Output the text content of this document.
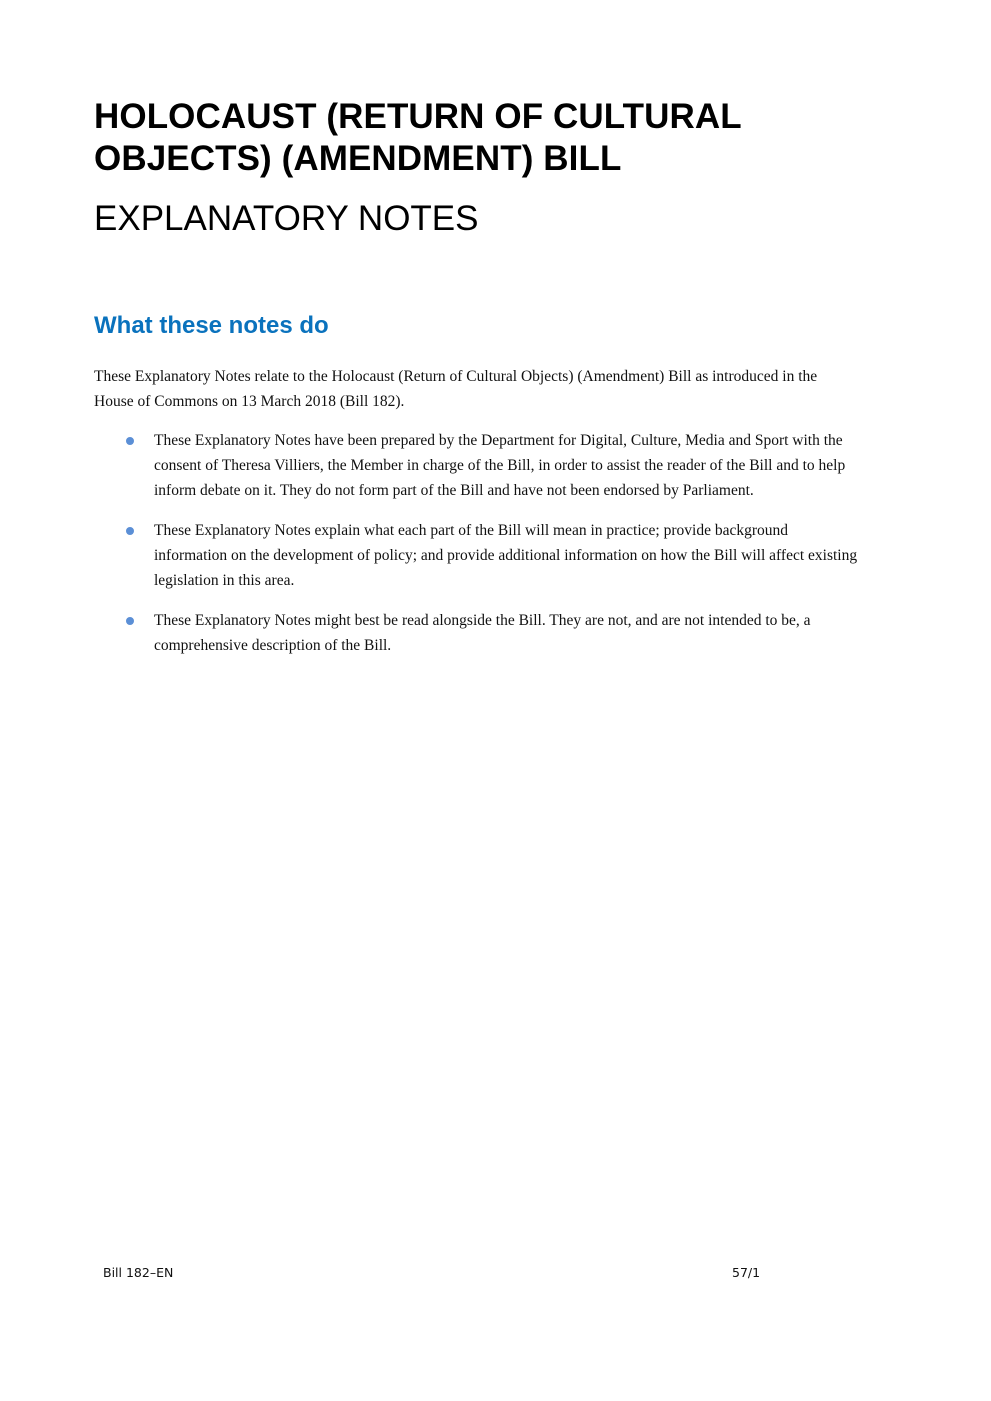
HOLOCAUST (RETURN OF CULTURAL OBJECTS) (AMENDMENT) BILL
EXPLANATORY NOTES
What these notes do

These Explanatory Notes relate to the Holocaust (Return of Cultural Objects) (Amendment) Bill as introduced in the House of Commons on 13 March 2018 (Bill 182).

These Explanatory Notes have been prepared by the Department for Digital, Culture, Media and Sport with the consent of Theresa Villiers, the Member in charge of the Bill, in order to assist the reader of the Bill and to help inform debate on it. They do not form part of the Bill and have not been endorsed by Parliament.
These Explanatory Notes explain what each part of the Bill will mean in practice; provide background information on the development of policy; and provide additional information on how the Bill will affect existing legislation in this area.
These Explanatory Notes might best be read alongside the Bill. They are not, and are not intended to be, a comprehensive description of the Bill.
Bill 182–EN	57/1
